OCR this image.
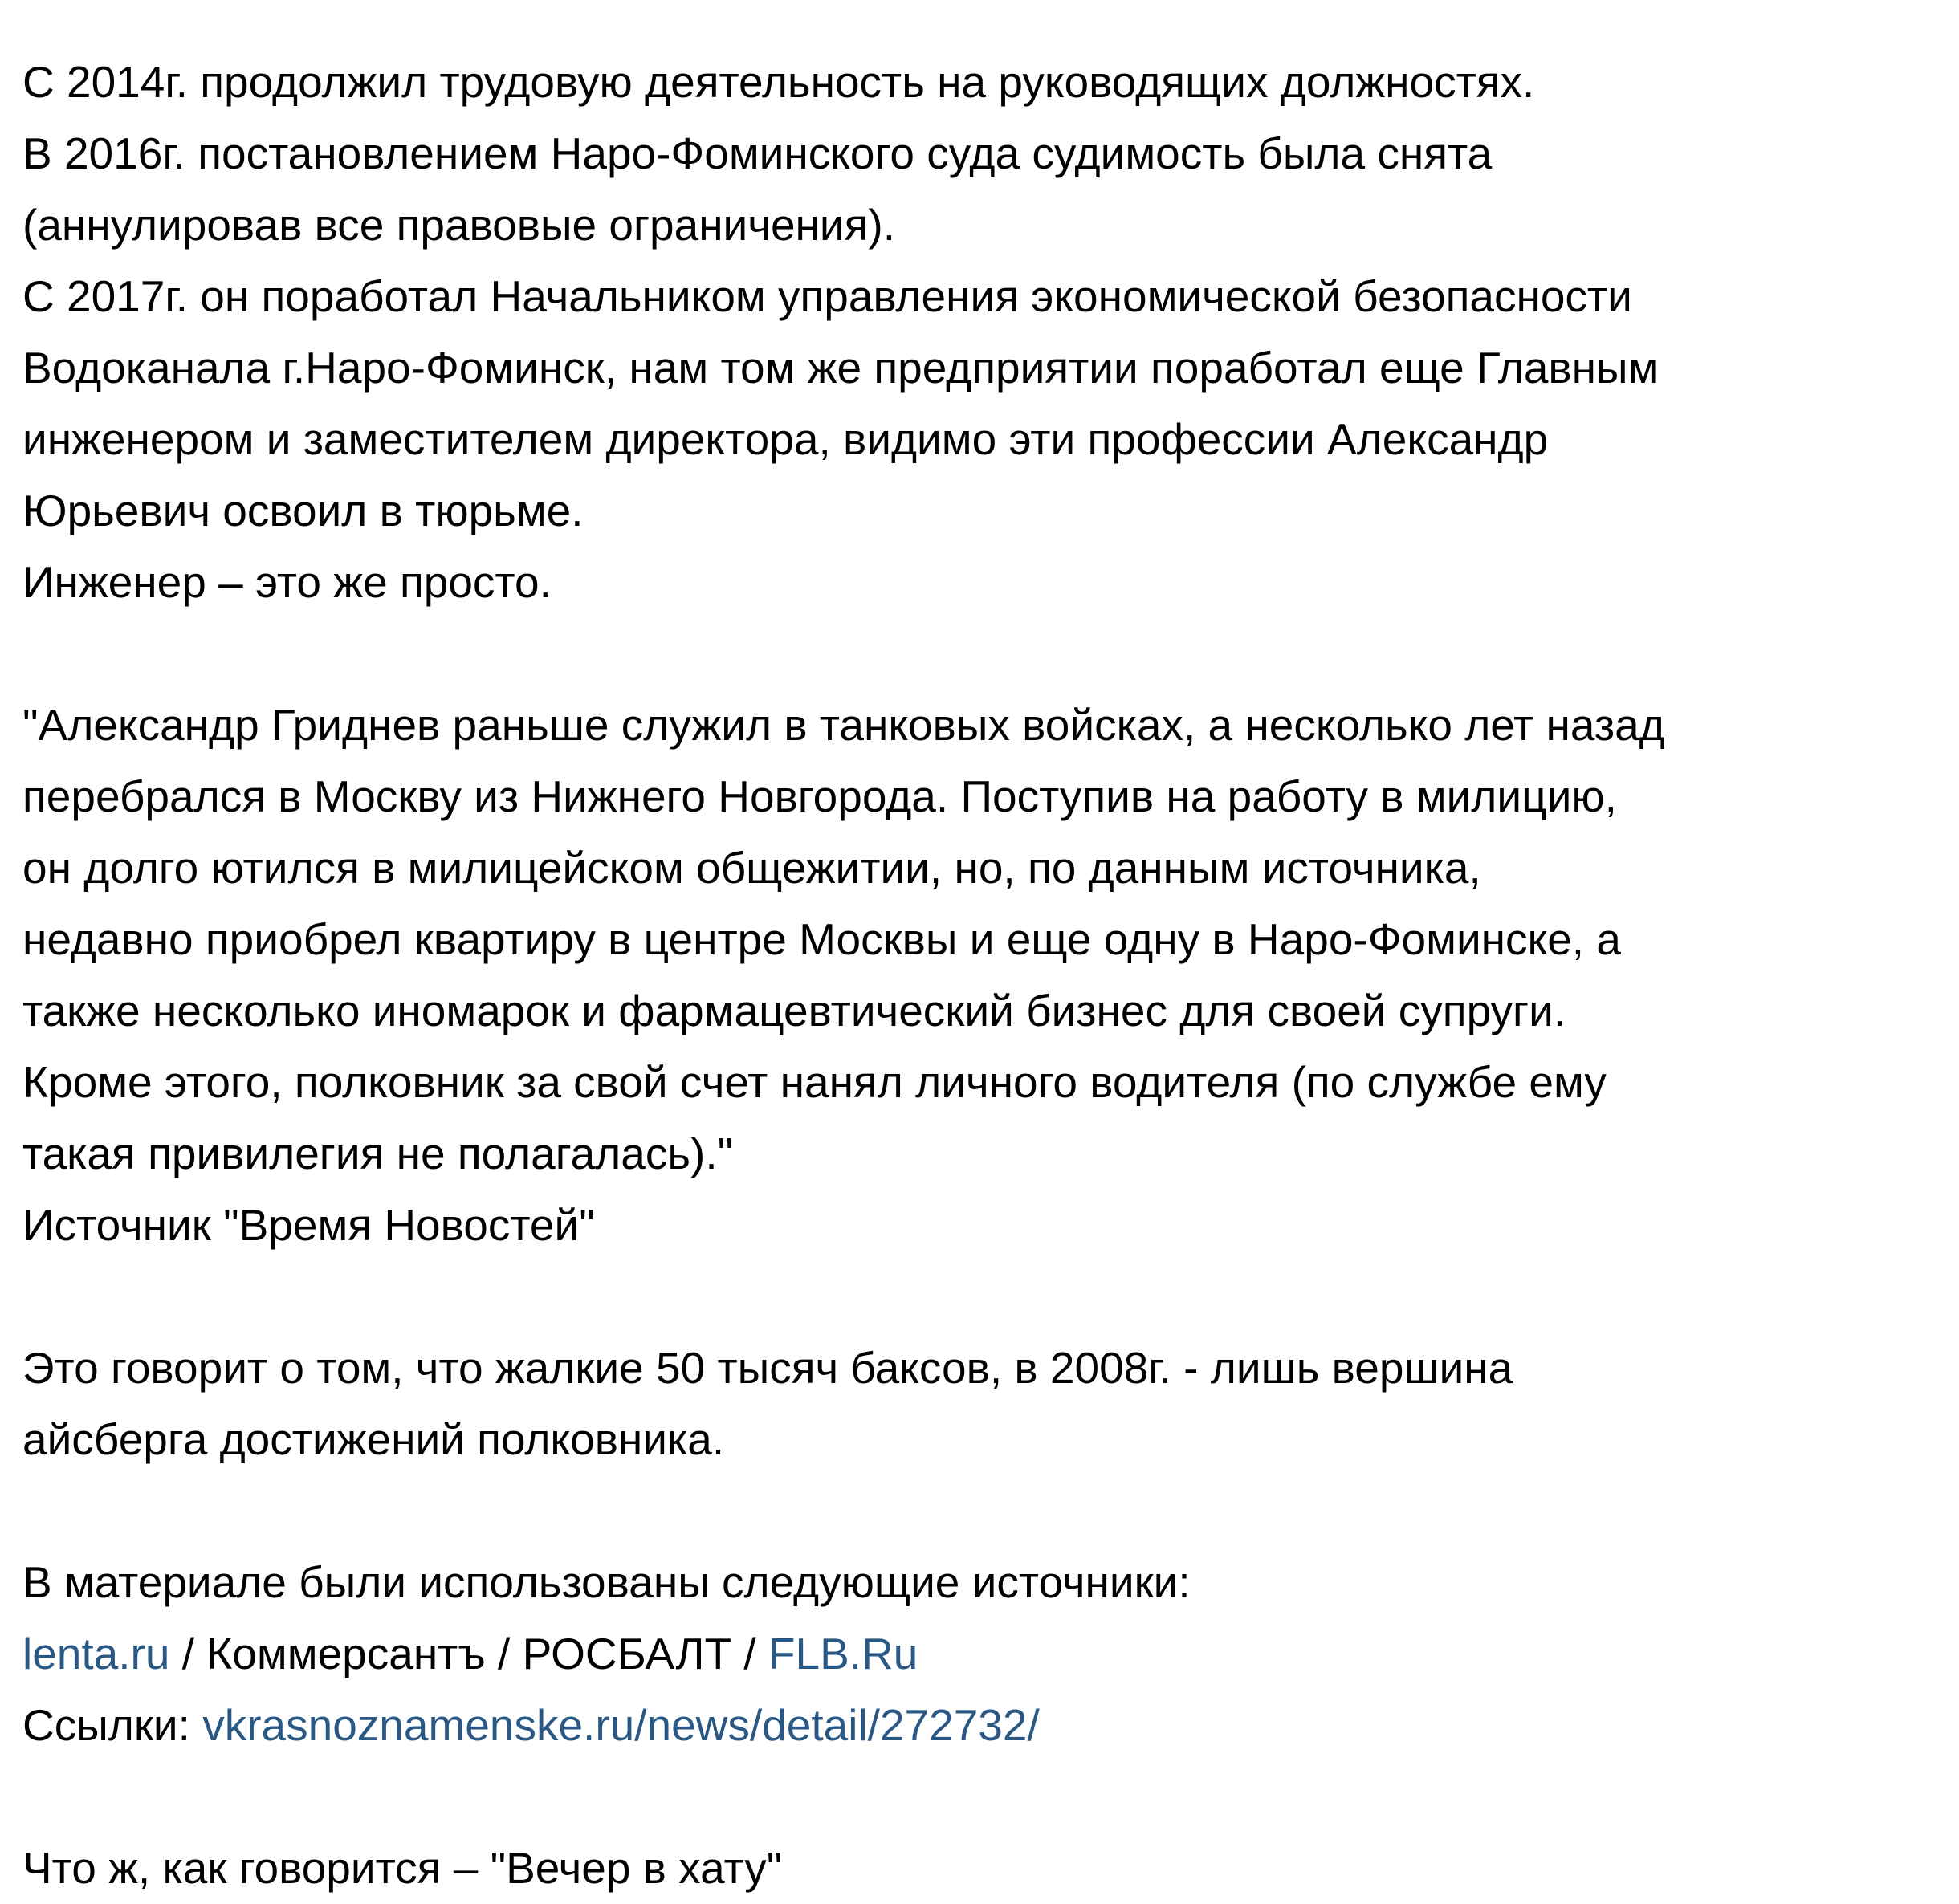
С 2014г. продолжил трудовую деятельность на руководящих должностях.
В 2016г. постановлением Наро-Фоминского суда судимость была снята
(аннулировав все правовые ограничения).
С 2017г. он поработал Начальником управления экономической безопасности
Водоканала г.Наро-Фоминск, нам том же предприятии поработал еще Главным
инженером и заместителем директора, видимо эти профессии Александр
Юрьевич освоил в тюрьме.
Инженер – это же просто.
"Александр Гриднев раньше служил в танковых войсках, а несколько лет назад
перебрался в Москву из Нижнего Новгорода. Поступив на работу в милицию,
он долго ютился в милицейском общежитии, но, по данным источника,
недавно приобрел квартиру в центре Москвы и еще одну в Наро-Фоминске, а
также несколько иномарок и фармацевтический бизнес для своей супруги.
Кроме этого, полковник за свой счет нанял личного водителя (по службе ему
такая привилегия не полагалась)."
Источник "Время Новостей"
Это говорит о том, что жалкие 50 тысяч баксов, в 2008г. - лишь вершина
айсберга достижений полковника.
В материале были использованы следующие источники:
lenta.ru / Коммерсантъ / РОСБАЛТ / FLB.Ru
Ссылки: vkrasnoznamenske.ru/news/detail/272732/
Что ж, как говорится – "Вечер в хату"
